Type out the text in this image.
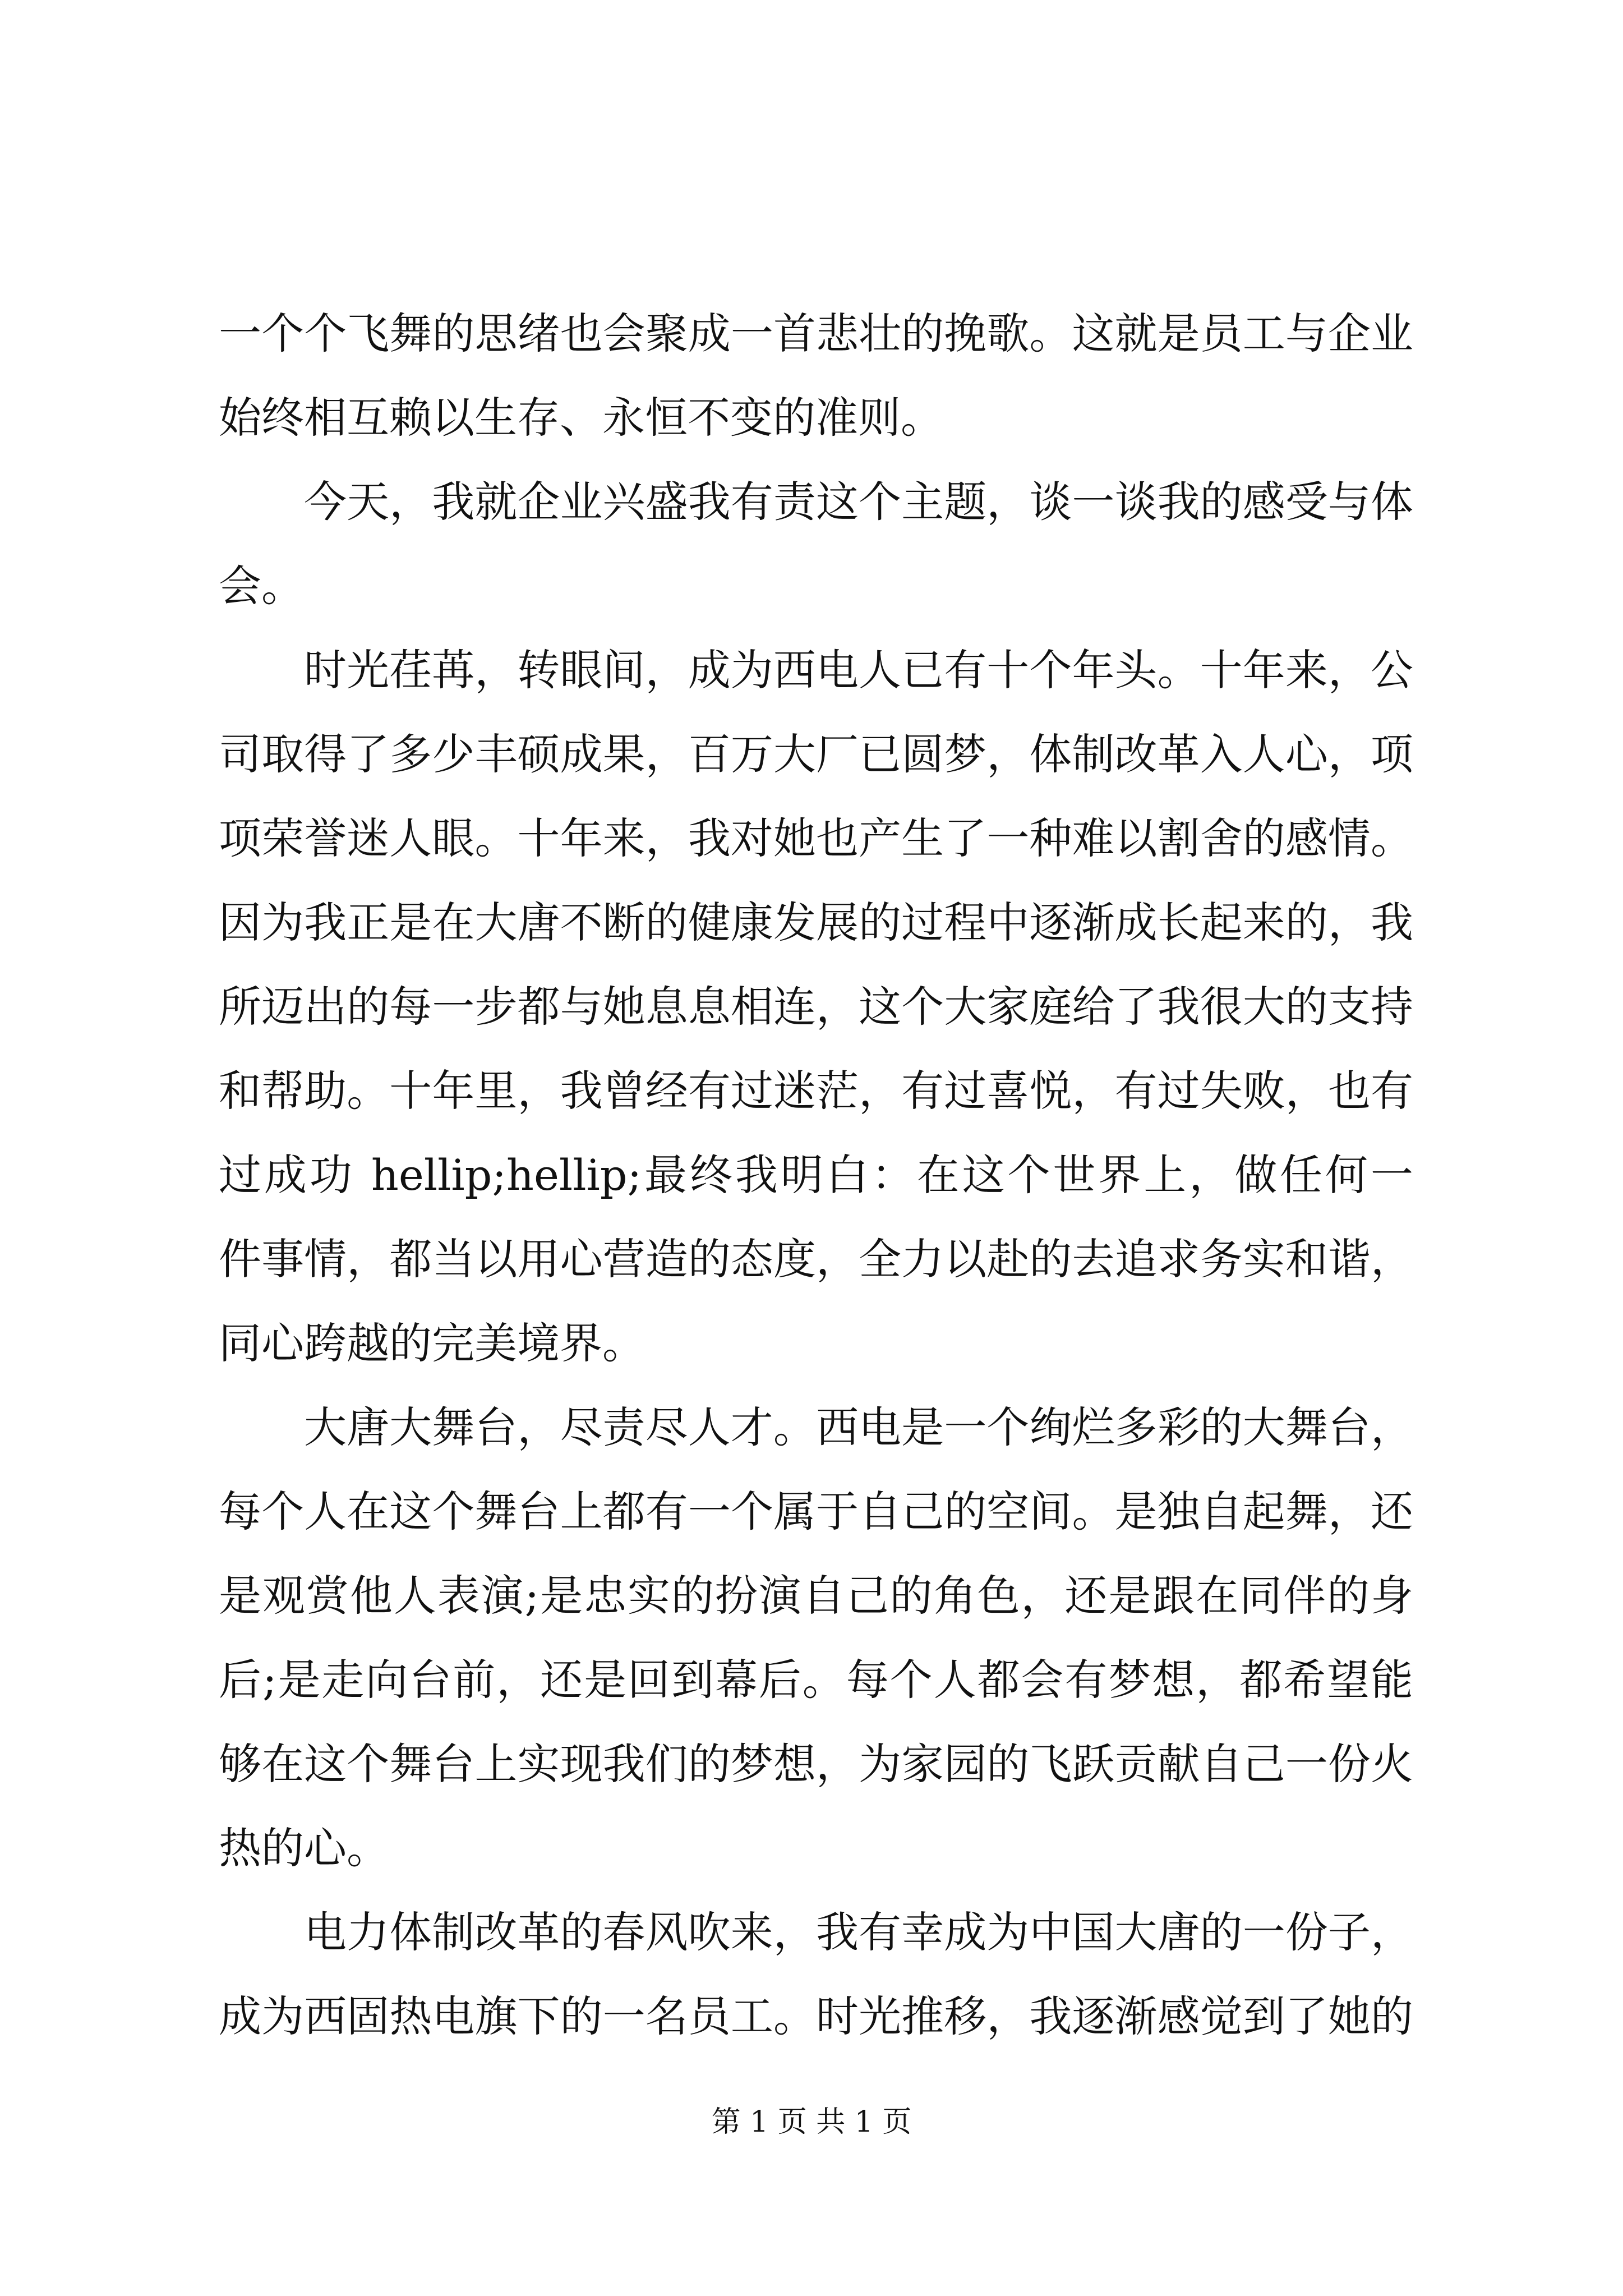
一个个飞舞的思绪也会聚成一首悲壮的挽歌。这就是员工与企业
始终相互赖以生存、永恒不变的准则。
今天，我就企业兴盛我有责这个主题，谈一谈我的感受与体
会。
时光荏苒，转眼间，成为西电人已有十个年头。十年来，公
司取得了多少丰硕成果，百万大厂已圆梦，体制改革入人心，项
项荣誉迷人眼。十年来，我对她也产生了一种难以割舍的感情。
因为我正是在大唐不断的健康发展的过程中逐渐成长起来的，我
所迈出的每一步都与她息息相连，这个大家庭给了我很大的支持
和帮助。十年里，我曾经有过迷茫，有过喜悦，有过失败，也有
过成功 hellip;hellip;最终我明白：在这个世界上，做任何一
件事情，都当以用心营造的态度，全力以赴的去追求务实和谐，
同心跨越的完美境界。
大唐大舞台，尽责尽人才。西电是一个绚烂多彩的大舞台，
每个人在这个舞台上都有一个属于自己的空间。是独自起舞，还
是观赏他人表演;是忠实的扮演自己的角色，还是跟在同伴的身
后;是走向台前，还是回到幕后。每个人都会有梦想，都希望能
够在这个舞台上实现我们的梦想，为家园的飞跃贡献自己一份火
热的心。
电力体制改革的春风吹来，我有幸成为中国大唐的一份子，
成为西固热电旗下的一名员工。时光推移，我逐渐感觉到了她的
第 1 页 共 1 页
